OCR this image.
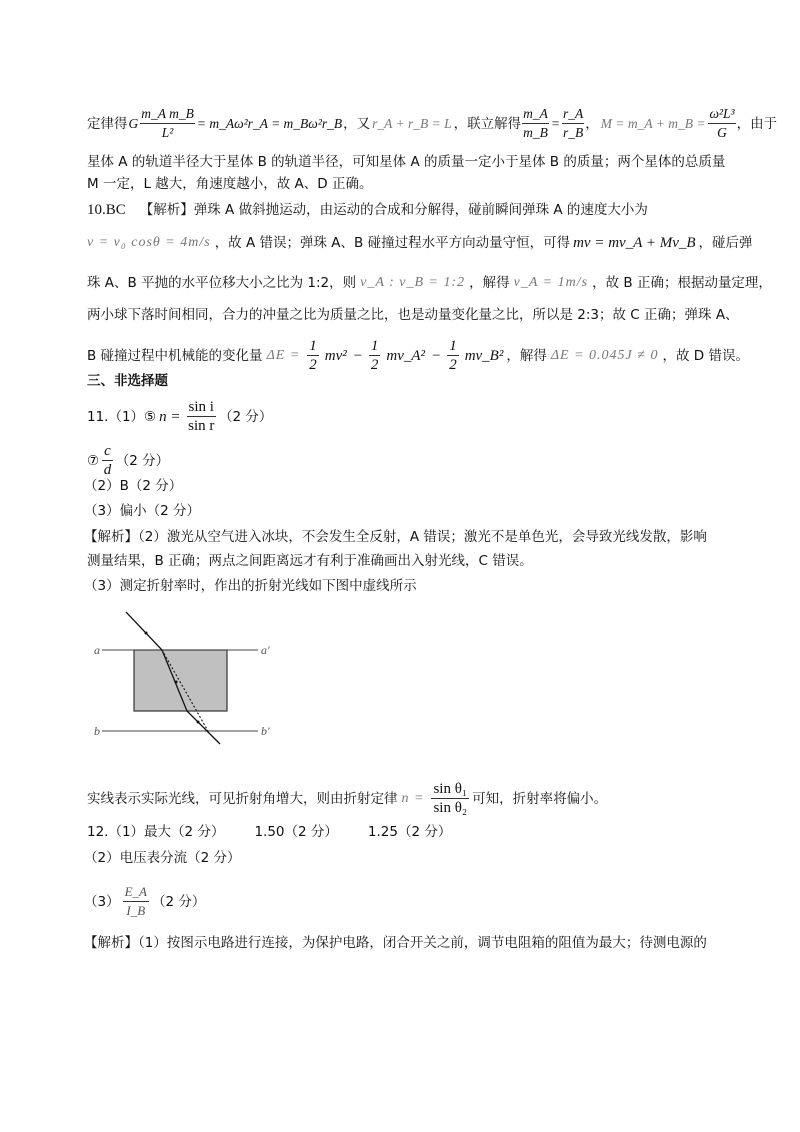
定律得 G $\frac{\text{m\_A m\_B}}{\text{L²}}$ = m_Aω²r_A = m_Bω²r_B ，又 r_A + r_B = L ，联立解得 $\frac{m\_A}{m\_B} = \frac{r\_A}{r\_B}$ ， M = m_A + m_B = $\frac{\text{ω²L³}}{G}$ ，由于
星体 A 的轨道半径大于星体 B 的轨道半径，可知星体 A 的质量一定小于星体 B 的质量；两个星体的总质量
M 一定，L 越大，角速度越小，故 A、D 正确。
10.BC 【解析】弹珠 A 做斜抛运动，由运动的合成和分解得，碰前瞬间弹珠 A 的速度大小为
v = v₀ cosθ = 4m/s ，故 A 错误；弹珠 A、B 碰撞过程水平方向动量守恒，可得 mv = mv_A + Mv_B ，碰后弹
珠 A、B 平抛的水平位移大小之比为 1:2，则 v_A : v_B = 1:2 ，解得 v_A = 1m/s ，故 B 正确；根据动量定理，
两小球下落时间相同，合力的冲量之比为质量之比，也是动量变化量之比，所以是 2:3；故 C 正确；弹珠 A、
B 碰撞过程中机械能的变化量 $\Delta E = \frac{1}{2} mv^2 - \frac{1}{2}$ mv_A² − $\frac{1}{2}$ mv_B² ，解得 ΔE = 0.045J ≠ 0 ，故 D 错误。
三、非选择题
11.（1）⑤ $n = \frac{\text{sin i}}{\text{sin r}} (2$ 分）
⑦
c
d
（2 分）
（2）B（2 分）
（3）偏小（2 分）
【解析】（2）激光从空气进入冰块，不会发生全反射，A 错误；激光不是单色光，会导致光线发散，影响
测量结果，B 正确；两点之间距离远才有利于准确画出入射光线，C 错误。
（3）测定折射率时，作出的折射光线如下图中虚线所示
a	a′
b	b′
实线表示实际光线，可见折射角增大，则由折射定律 $n = \frac{\text{sin θ₁}}{\text{sin θ₂}}$ 可知，折射率将偏小。
12.（1）最大（2 分） 1.50（2 分） 1.25（2 分）
（2）电压表分流（2 分）
（3）
E_A
I_B
（2 分）
【解析】（1）按图示电路进行连接，为保护电路，闭合开关之前，调节电阻箱的阻值为最大；待测电源的
